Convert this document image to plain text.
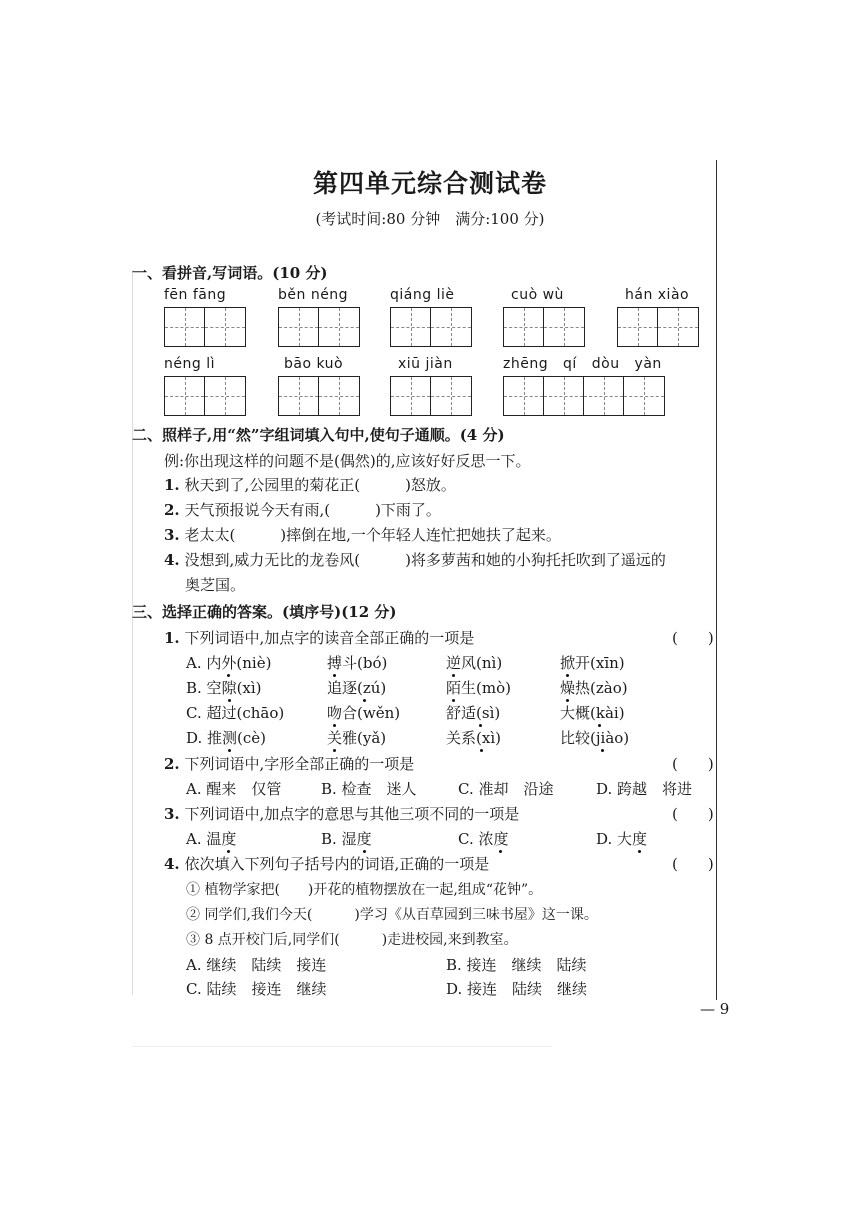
第四单元综合测试卷
(考试时间:80 分钟　满分:100 分)
一、看拼音,写词语。(10 分)
fēn fāng	běn néng	qiáng liè	cuò wù	hán xiào
néng lì	bāo kuò	xiū jiàn	zhēng qí dòu yàn
二、照样子,用“然”字组词填入句中,使句子通顺。(4 分)
例:你出现这样的问题不是(偶然)的,应该好好反思一下。
1. 秋天到了,公园里的菊花正(　　　)怒放。
2. 天气预报说今天有雨,(　　　)下雨了。
3. 老太太(　　　)摔倒在地,一个年轻人连忙把她扶了起来。
4. 没想到,威力无比的龙卷风(　　　)将多萝茜和她的小狗托托吹到了遥远的
奥芝国。
三、选择正确的答案。(填序号)(12 分)
1. 下列词语中,加点字的读音全部正确的一项是	(　　)
A. 内外(niè)	搏斗(bó)	逆风(nì)	掀开(xīn)
B. 空隙(xì)	追逐(zú)	陌生(mò)	燥热(zào)
C. 超过(chāo)	吻合(wěn)	舒适(sì)	大概(kài)
D. 推测(cè)	关雅(yǎ)	关系(xì)	比较(jiào)
2. 下列词语中,字形全部正确的一项是	(　　)
A. 醒来　仅管	B. 检查　迷人	C. 准却　沿途	D. 跨越　将进
3. 下列词语中,加点字的意思与其他三项不同的一项是	(　　)
A. 温度	B. 湿度	C. 浓度	D. 大度
4. 依次填入下列句子括号内的词语,正确的一项是	(　　)
① 植物学家把(　　)开花的植物摆放在一起,组成“花钟”。
② 同学们,我们今天(　　　)学习《从百草园到三味书屋》这一课。
③ 8 点开校门后,同学们(　　　)走进校园,来到教室。
A. 继续　陆续　接连	B. 接连　继续　陆续
C. 陆续　接连　继续	D. 接连　陆续　继续
— 9
